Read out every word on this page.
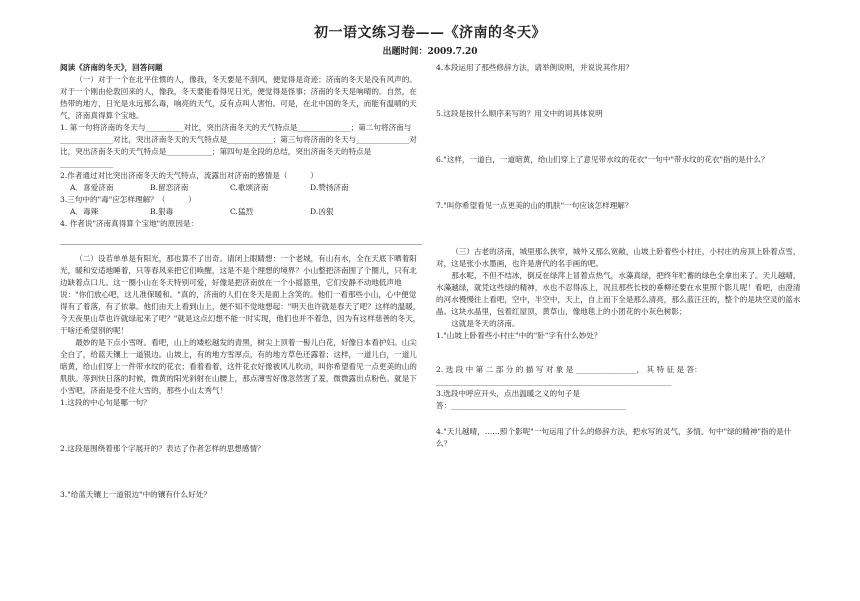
初一语文练习卷——《济南的冬天》
出题时间：2009.7.20

阅读《济南的冬天》，回答问题

（一）对于一个在北平住惯的人，像我，冬天要是不刮风，便觉得是奇迹；济南的冬天是没有风声的。对于一个刚由伦敦回来的人，像我，冬天要能看得见日光，便觉得是怪事；济南的冬天是响晴的。自然，在热带的地方，日光是永远那么毒，响亮的天气，反有点叫人害怕。可是，在北中国的冬天，而能有温晴的天气，济南真得算个宝地。

1. 第一句将济南的冬天与__________对比，突出济南冬天的天气特点是______________；第二句将济南与______________对比，突出济南冬天的天气特点是____________；第三句将济南的冬天与______________对比，突出济南冬天的天气特点是____________；第四句是全段的总结，突出济南冬天的特点是______________

2.作者通过对比突出济南冬天的天气特点，流露出对济南的感情是（　　　）

A．喜爱济南	B.留恋济南	C.歌颂济南	D.赞扬济南

3.三句中的"毒"应怎样理解？（　　　）

A．毒辣	B.狠毒	C.猛烈	D.凶狠

4. 作者说"济南真得算个宝地"的原因是：

（二）设若单单是有阳光，那也算不了出奇。请闭上眼睛想：一个老城，有山有水，全在天底下晒着阳光，暖和安适地睡着，只等春风来把它们唤醒，这是不是个理想的境界？小山整把济南围了个圈儿，只有北边缺着点口儿。这一圈小山在冬天特别可爱，好像是把济南放在一个小摇篮里，它们安静不动地低声地说："你们放心吧，这儿准保暖和。"真的，济南的人们在冬天是面上含笑的。他们一看那些小山，心中便觉得有了着落，有了依靠。他们由天上看到山上，便不知不觉地想起："明天也许就是春天了吧？这样的温暖，今天夜里山草也许就绿起来了吧？"就是这点幻想不能一时实现，他们也并不着急，因为有这样慈善的冬天，干啥还希望别的呢！

最妙的是下点小雪呀。看吧，山上的矮松越发的青黑，树尖上顶着一髻儿白花，好像日本看护妇。山尖全白了，给蓝天镶上一道银边。山坡上，有的地方雪厚点，有的地方草色还露着；这样，一道儿白，一道儿暗黄，给山们穿上一件带水纹的花衣；看着看着，这件花衣好像被风儿吹动，叫你希望看见一点更美的山的肌肤。等到快日落的时候，微黄的阳光斜射在山腰上，那点薄雪好像忽然害了羞，微微露出点粉色。就是下小雪吧，济南是受不住大雪的，那些小山太秀气！

1.这段的中心句是哪一句？

2.这段是围绕着那个字展开的？表达了作者怎样的思想感情？

3."给蓝天镶上一道银边"中的镶有什么好处？

4.本段运用了那些修辞方法，请举例说明，并说说其作用？

5.这段是按什么顺序来写的？用文中的词具体说明

6."这样，一道白，一道暗黄，给山们穿上了意见带水纹的花衣"一句中"带水纹的花衣"指的是什么？

7."叫你希望看见一点更美的山的肌肤"一句应该怎样理解？

（三）古老的济南，城里那么狭窄，城外又那么宽敞，山坡上卧着些小村庄，小村庄的房顶上卧着点雪，对，这是张小水墨画，也许是唐代的名手画的吧。

那水呢，不但不结冰，倒反在绿萍上冒着点热气，水藻真绿，把终年贮蓄的绿色全拿出来了。天儿越晴，水藻越绿，就凭这些绿的精神，水也不忍得冻上，况且那些长枝的垂柳还要在水里照个影儿呢！看吧，由澄清的河水慢慢往上看吧，空中，半空中，天上，自上而下全是那么清亮，那么蓝汪汪的，整个的是块空灵的蓝水晶。这块水晶里，包着红屋顶，黄草山，像地毯上的小团花的小灰色树影；

这就是冬天的济南。

1."山坡上卧着些小村庄"中的"卧"字有什么妙处？

2. 选 段 中 第 二 部 分 的 描 写 对 象 是 ________________， 其 特 征 是 答：______________________________________________________________

3.选段中呼应开头，点出温暖之义的句子是

答：______________________________________________

4."天儿越晴，……照个影呢"一句运用了什么的修辞方法，把水写的灵气，多情。句中"绿的精神"指的是什么？
